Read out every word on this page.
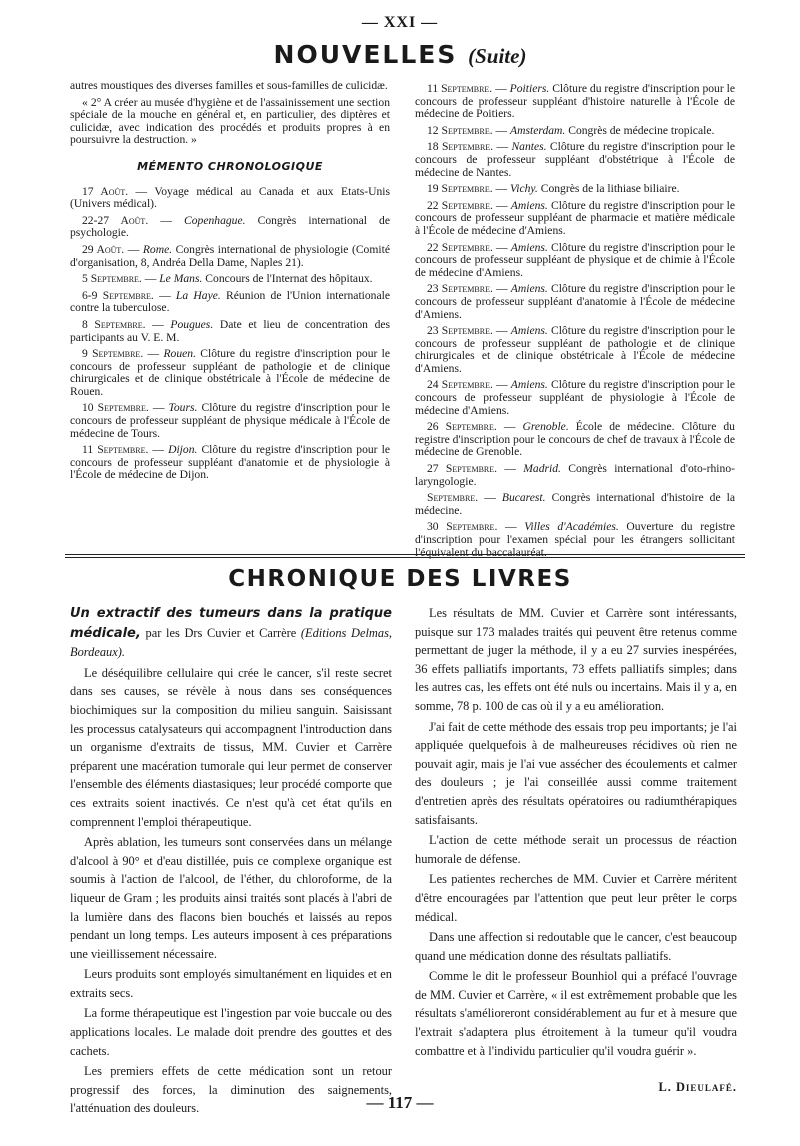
— XXI —
NOUVELLES (Suite)

autres moustiques des diverses familles et sous-familles de culicidæ.

« 2° A créer au musée d'hygiène et de l'assainissement une section spéciale de la mouche en général et, en particulier, des diptères et culicidæ, avec indication des procédés et produits propres à en poursuivre la destruction. »

MÉMENTO CHRONOLOGIQUE

17 Août. — Voyage médical au Canada et aux Etats-Unis (Univers médical).

22-27 Août. — Copenhague. Congrès international de psychologie.

29 Août. — Rome. Congrès international de physiologie (Comité d'organisation, 8, Andréa Della Dame, Naples 21).

5 Septembre. — Le Mans. Concours de l'Internat des hôpitaux.

6-9 Septembre. — La Haye. Réunion de l'Union internationale contre la tuberculose.

8 Septembre. — Pougues. Date et lieu de concentration des participants au V. E. M.

9 Septembre. — Rouen. Clôture du registre d'inscription pour le concours de professeur suppléant de pathologie et de clinique chirurgicales et de clinique obstétricale à l'École de médecine de Rouen.

10 Septembre. — Tours. Clôture du registre d'inscription pour le concours de professeur suppléant de physique médicale à l'École de médecine de Tours.

11 Septembre. — Dijon. Clôture du registre d'inscription pour le concours de professeur suppléant d'anatomie et de physiologie à l'École de médecine de Dijon.

11 Septembre. — Poitiers. Clôture du registre d'inscription pour le concours de professeur suppléant d'histoire naturelle à l'École de médecine de Poitiers.

12 Septembre. — Amsterdam. Congrès de médecine tropicale.

18 Septembre. — Nantes. Clôture du registre d'inscription pour le concours de professeur suppléant d'obstétrique à l'École de médecine de Nantes.

19 Septembre. — Vichy. Congrès de la lithiase biliaire.

22 Septembre. — Amiens. Clôture du registre d'inscription pour le concours de professeur suppléant de pharmacie et matière médicale à l'École de médecine d'Amiens.

22 Septembre. — Amiens. Clôture du registre d'inscription pour le concours de professeur suppléant de physique et de chimie à l'École de médecine d'Amiens.

23 Septembre. — Amiens. Clôture du registre d'inscription pour le concours de professeur suppléant d'anatomie à l'École de médecine d'Amiens.

23 Septembre. — Amiens. Clôture du registre d'inscription pour le concours de professeur suppléant de pathologie et de clinique chirurgicales et de clinique obstétricale à l'École de médecine d'Amiens.

24 Septembre. — Amiens. Clôture du registre d'inscription pour le concours de professeur suppléant de physiologie à l'École de médecine d'Amiens.

26 Septembre. — Grenoble. École de médecine. Clôture du registre d'inscription pour le concours de chef de travaux à l'École de médecine de Grenoble.

27 Septembre. — Madrid. Congrès international d'oto-rhino-laryngologie.

Septembre. — Bucarest. Congrès international d'histoire de la médecine.

30 Septembre. — Villes d'Académies. Ouverture du registre d'inscription pour l'examen spécial pour les étrangers sollicitant l'équivalent du baccalauréat.

CHRONIQUE DES LIVRES

Un extractif des tumeurs dans la pratique médicale, par les Drs Cuvier et Carrère (Editions Delmas, Bordeaux).

Le déséquilibre cellulaire qui crée le cancer, s'il reste secret dans ses causes, se révèle à nous dans ses conséquences biochimiques sur la composition du milieu sanguin. Saisissant les processus catalysateurs qui accompagnent l'introduction dans un organisme d'extraits de tissus, MM. Cuvier et Carrère préparent une macération tumorale qui leur permet de conserver l'ensemble des éléments diastasiques; leur procédé comporte que ces extraits soient inactivés. Ce n'est qu'à cet état qu'ils en comprennent l'emploi thérapeutique.

Après ablation, les tumeurs sont conservées dans un mélange d'alcool à 90° et d'eau distillée, puis ce complexe organique est soumis à l'action de l'alcool, de l'éther, du chloroforme, de la liqueur de Gram ; les produits ainsi traités sont placés à l'abri de la lumière dans des flacons bien bouchés et laissés au repos pendant un long temps. Les auteurs imposent à ces préparations une vieillissement nécessaire.

Leurs produits sont employés simultanément en liquides et en extraits secs.

La forme thérapeutique est l'ingestion par voie buccale ou des applications locales. Le malade doit prendre des gouttes et des cachets.

Les premiers effets de cette médication sont un retour progressif des forces, la diminution des saignements, l'atténuation des douleurs.

Les résultats de MM. Cuvier et Carrère sont intéressants, puisque sur 173 malades traités qui peuvent être retenus comme permettant de juger la méthode, il y a eu 27 survies inespérées, 36 effets palliatifs importants, 73 effets palliatifs simples; dans les autres cas, les effets ont été nuls ou incertains. Mais il y a, en somme, 78 p. 100 de cas où il y a eu amélioration.

J'ai fait de cette méthode des essais trop peu importants; je l'ai appliquée quelquefois à de malheureuses récidives où rien ne pouvait agir, mais je l'ai vue assécher des écoulements et calmer des douleurs ; je l'ai conseillée aussi comme traitement d'entretien après des résultats opératoires ou radiumthérapiques satisfaisants.

L'action de cette méthode serait un processus de réaction humorale de défense.

Les patientes recherches de MM. Cuvier et Carrère méritent d'être encouragées par l'attention que peut leur prêter le corps médical.

Dans une affection si redoutable que le cancer, c'est beaucoup quand une médication donne des résultats palliatifs.

Comme le dit le professeur Bounhiol qui a préfacé l'ouvrage de MM. Cuvier et Carrère, « il est extrêmement probable que les résultats s'amélioreront considérablement au fur et à mesure que l'extrait s'adaptera plus étroitement à la tumeur qu'il voudra combattre et à l'individu particulier qu'il voudra guérir ».

L. Dieulafé.
— 117 —
